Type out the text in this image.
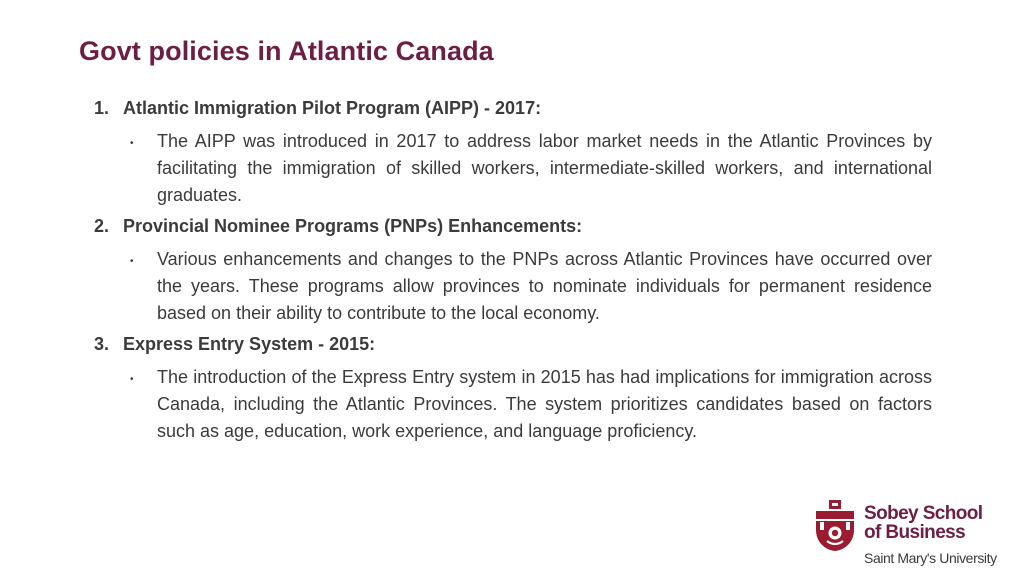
Govt policies in Atlantic Canada
1. Atlantic Immigration Pilot Program (AIPP) - 2017:
•	The AIPP was introduced in 2017 to address labor market needs in the Atlantic Provinces by facilitating the immigration of skilled workers, intermediate-skilled workers, and international graduates.
2. Provincial Nominee Programs (PNPs) Enhancements:
•	Various enhancements and changes to the PNPs across Atlantic Provinces have occurred over the years. These programs allow provinces to nominate individuals for permanent residence based on their ability to contribute to the local economy.
3. Express Entry System - 2015:
•	The introduction of the Express Entry system in 2015 has had implications for immigration across Canada, including the Atlantic Provinces. The system prioritizes candidates based on factors such as age, education, work experience, and language proficiency.
Sobey School
of Business
Saint Mary's University
